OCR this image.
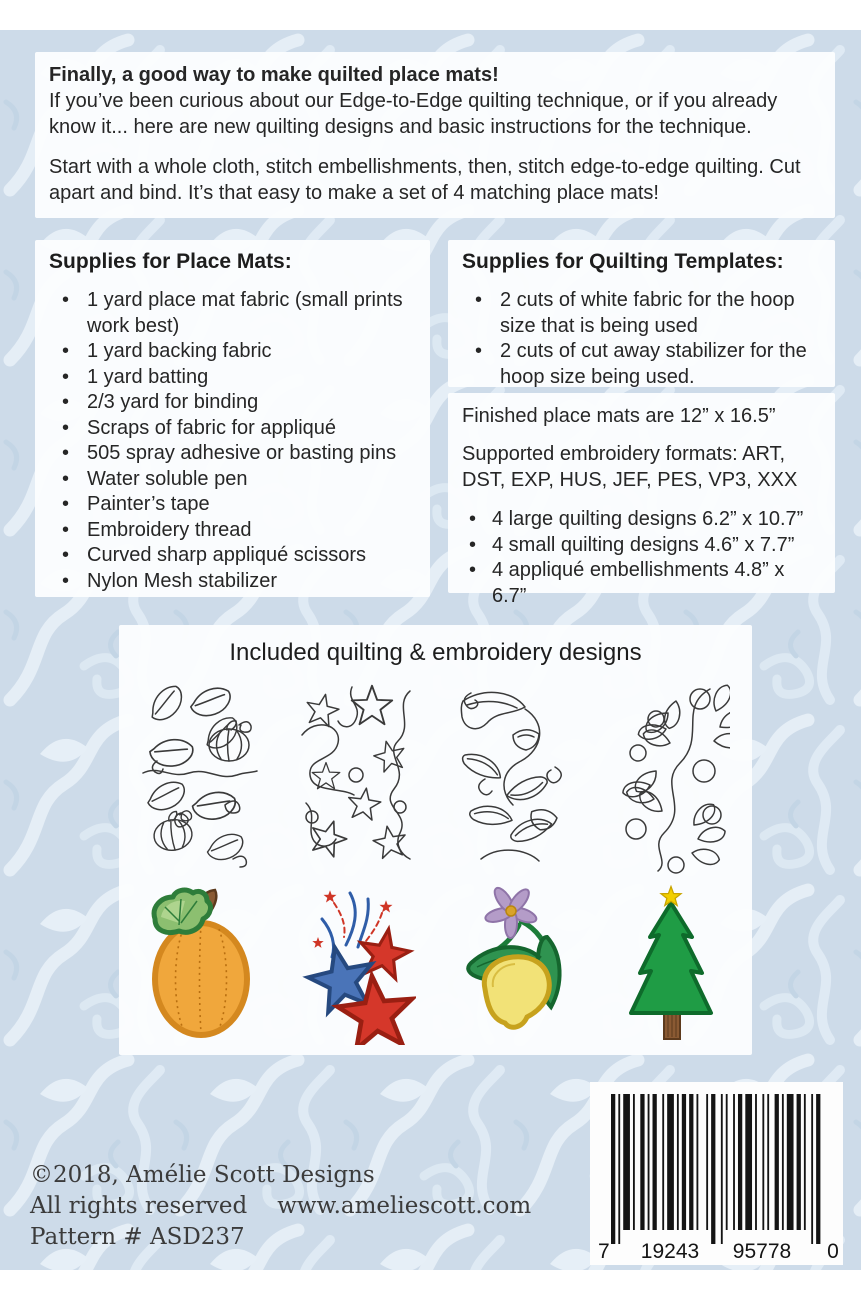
Finally, a good way to make quilted place mats!

If you’ve been curious about our Edge-to-Edge quilting technique, or if you already know it... here are new quilting designs and basic instructions for the technique.

Start with a whole cloth, stitch embellishments, then, stitch edge-to-edge quilting. Cut apart and bind. It’s that easy to make a set of 4 matching place mats!

Supplies for Place Mats:

• 1 yard place mat fabric (small prints work best)
• 1 yard backing fabric
• 1 yard batting
• 2/3 yard for binding
• Scraps of fabric for appliqué
• 505 spray adhesive or basting pins
• Water soluble pen
• Painter’s tape
• Embroidery thread
• Curved sharp appliqué scissors
• Nylon Mesh stabilizer

Supplies for Quilting Templates:

• 2 cuts of white fabric for the hoop size that is being used
• 2 cuts of cut away stabilizer for the hoop size being used.

Finished place mats are 12” x 16.5”

Supported embroidery formats: ART, DST, EXP, HUS, JEF, PES, VP3, XXX

• 4 large quilting designs 6.2” x 10.7”
• 4 small quilting designs 4.6” x 7.7”
• 4 appliqué embellishments 4.8” x 6.7”

Included quilting & embroidery designs

©2018, Amélie Scott Designs
All rights reserved www.ameliescott.com
Pattern # ASD237
7 19243 95778 0
